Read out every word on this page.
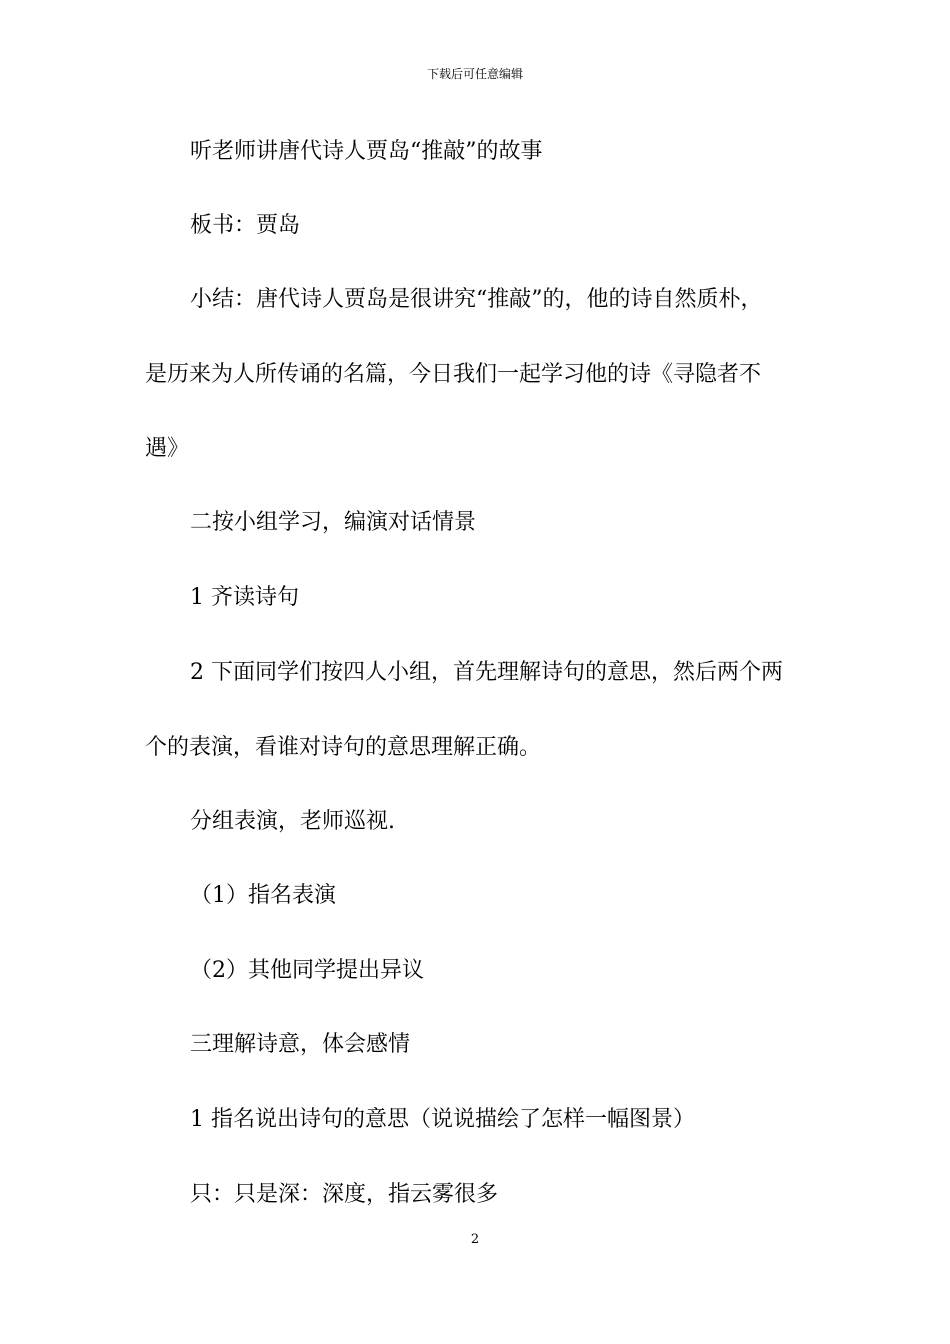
下载后可任意编辑
听老师讲唐代诗人贾岛“推敲”的故事
板书：贾岛
小结：唐代诗人贾岛是很讲究“推敲”的，他的诗自然质朴，
是历来为人所传诵的名篇，今日我们一起学习他的诗《寻隐者不
遇》
二按小组学习，编演对话情景
1 齐读诗句
2 下面同学们按四人小组，首先理解诗句的意思，然后两个两
个的表演，看谁对诗句的意思理解正确。
分组表演，老师巡视.
（1）指名表演
（2）其他同学提出异议
三理解诗意，体会感情
1 指名说出诗句的意思（说说描绘了怎样一幅图景）
只：只是深：深度，指云雾很多
2
